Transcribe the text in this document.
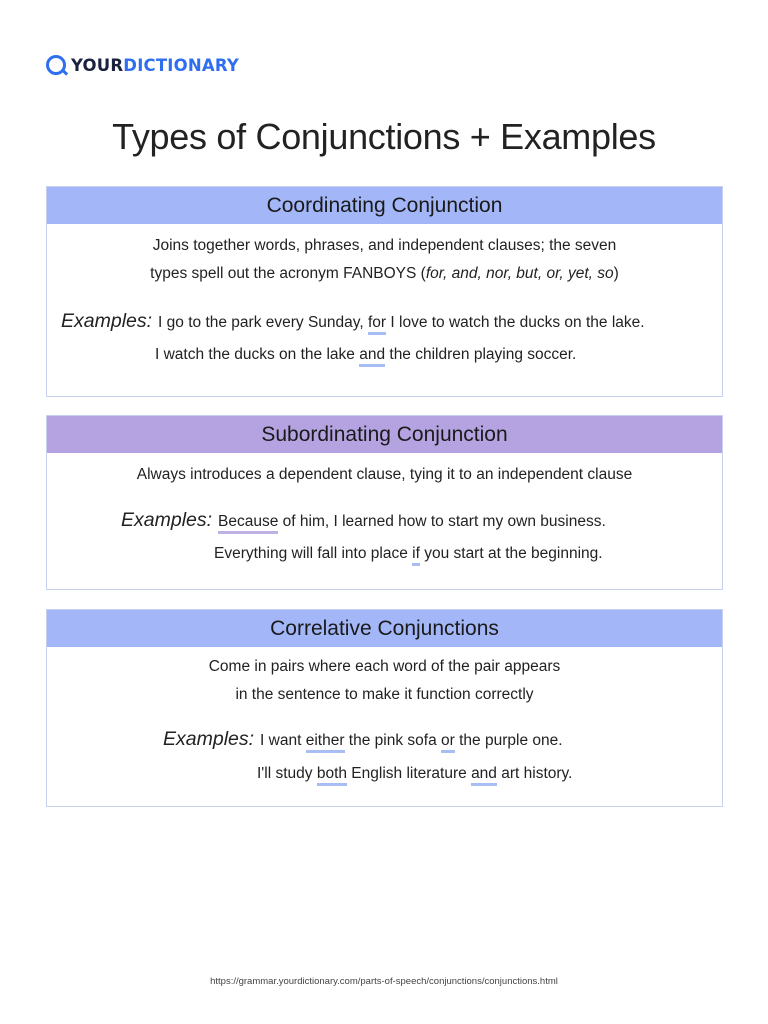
YOURDICTIONARY
Types of Conjunctions + Examples
Coordinating Conjunction
Joins together words, phrases, and independent clauses; the seven
types spell out the acronym FANBOYS (for, and, nor, but, or, yet, so)
Examples: I go to the park every Sunday, for I love to watch the ducks on the lake.
I watch the ducks on the lake and the children playing soccer.
Subordinating Conjunction
Always introduces a dependent clause, tying it to an independent clause
Examples: Because of him, I learned how to start my own business.
Everything will fall into place if you start at the beginning.
Correlative Conjunctions
Come in pairs where each word of the pair appears
in the sentence to make it function correctly
Examples: I want either the pink sofa or the purple one.
I'll study both English literature and art history.
https://grammar.yourdictionary.com/parts-of-speech/conjunctions/conjunctions.html
